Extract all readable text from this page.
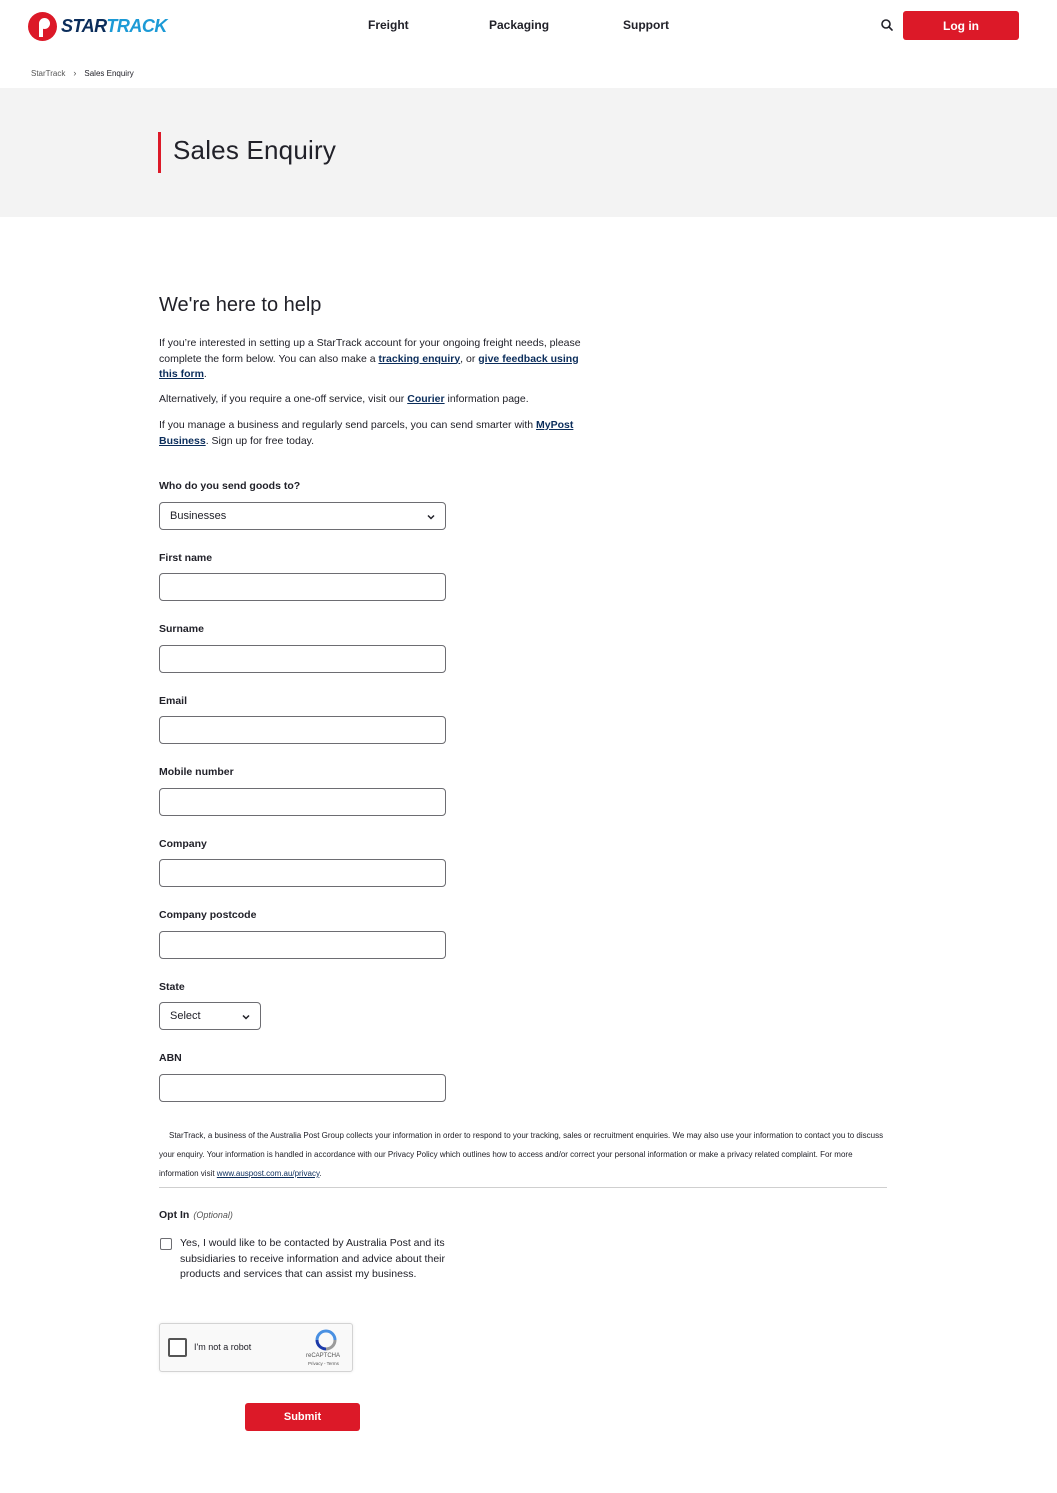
STARTRACK	Freight	Packaging	Support	Log in
StarTrack › Sales Enquiry
Sales Enquiry
We're here to help

If you’re interested in setting up a StarTrack account for your ongoing freight needs, please complete the form below. You can also make a tracking enquiry, or give feedback using this form.

Alternatively, if you require a one-off service, visit our Courier information page.

If you manage a business and regularly send parcels, you can send smarter with MyPost Business. Sign up for free today.

Who do you send goods to?
Businesses
First name
Surname
Email
Mobile number
Company
Company postcode
State
Select
ABN

StarTrack, a business of the Australia Post Group collects your information in order to respond to your tracking, sales or recruitment enquiries. We may also use your information to contact you to discuss your enquiry. Your information is handled in accordance with our Privacy Policy which outlines how to access and/or correct your personal information or make a privacy related complaint. For more information visit www.auspost.com.au/privacy.

Opt In (Optional)

Yes, I would like to be contacted by Australia Post and its subsidiaries to receive information and advice about their products and services that can assist my business.

I'm not a robot
reCAPTCHA
Privacy - Terms
Submit
